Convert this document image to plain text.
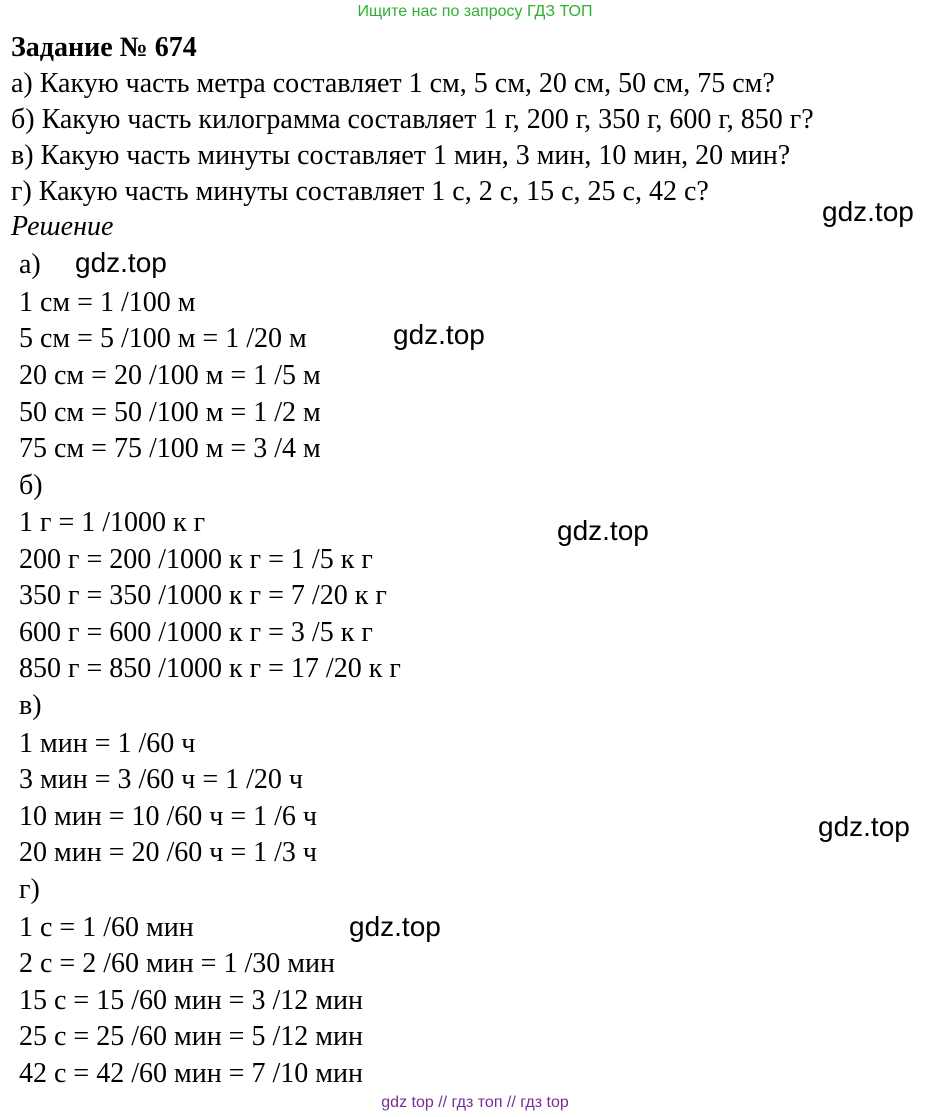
Ищите нас по запросу ГДЗ ТОП
Задание № 674
а) Какую часть метра составляет 1 см, 5 см, 20 см, 50 см, 75 см?
б) Какую часть килограмма составляет 1 г, 200 г, 350 г, 600 г, 850 г?
в) Какую часть минуты составляет 1 мин, 3 мин, 10 мин, 20 мин?
г) Какую часть минуты составляет 1 с, 2 с, 15 с, 25 с, 42 с?
Решение
а)
1 см = 1 /100 м
5 см = 5 /100 м = 1 /20 м
20 см = 20 /100 м = 1 /5 м
50 см = 50 /100 м = 1 /2 м
75 см = 75 /100 м = 3 /4 м
б)
1 г = 1 /1000 к г
200 г = 200 /1000 к г = 1 /5 к г
350 г = 350 /1000 к г = 7 /20 к г
600 г = 600 /1000 к г = 3 /5 к г
850 г = 850 /1000 к г = 17 /20 к г
в)
1 мин = 1 /60 ч
3 мин = 3 /60 ч = 1 /20 ч
10 мин = 10 /60 ч = 1 /6 ч
20 мин = 20 /60 ч = 1 /3 ч
г)
1 с = 1 /60 мин
2 с = 2 /60 мин = 1 /30 мин
15 с = 15 /60 мин = 3 /12 мин
25 с = 25 /60 мин = 5 /12 мин
42 с = 42 /60 мин = 7 /10 мин
gdz.top
gdz.top
gdz.top
gdz.top
gdz.top
gdz.top
gdz top // гдз топ // гдз top
